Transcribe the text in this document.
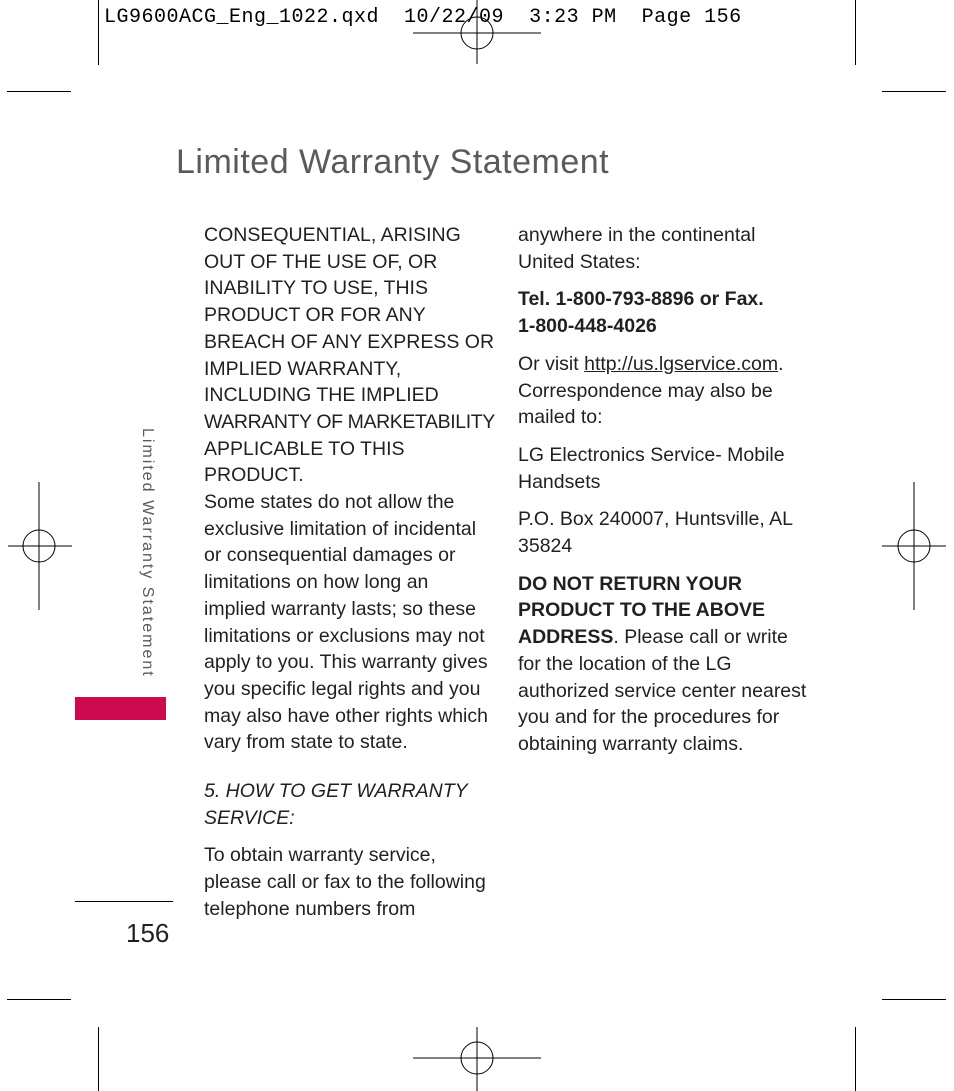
LG9600ACG_Eng_1022.qxd  10/22/09  3:23 PM  Page 156
Limited Warranty Statement
Limited Warranty Statement
156

CONSEQUENTIAL, ARISING

OUT OF THE USE OF, OR

INABILITY TO USE, THIS

PRODUCT OR FOR ANY

BREACH OF ANY EXPRESS OR

IMPLIED WARRANTY,

INCLUDING THE IMPLIED

WARRANTY OF MARKETABILITY

APPLICABLE TO THIS

PRODUCT.

Some states do not allow the

exclusive limitation of incidental

or consequential damages or

limitations on how long an

implied warranty lasts; so these

limitations or exclusions may not

apply to you. This warranty gives

you specific legal rights and you

may also have other rights which

vary from state to state.

5. HOW TO GET WARRANTY

SERVICE:

To obtain warranty service,

please call or fax to the following

telephone numbers from

anywhere in the continental

United States:

Tel. 1-800-793-8896 or Fax.

1-800-448-4026

Or visit http://us.lgservice.com.

Correspondence may also be

mailed to:

LG Electronics Service- Mobile

Handsets

P.O. Box 240007, Huntsville, AL

35824

DO NOT RETURN YOUR

PRODUCT TO THE ABOVE

ADDRESS. Please call or write

for the location of the LG

authorized service center nearest

you and for the procedures for

obtaining warranty claims.
